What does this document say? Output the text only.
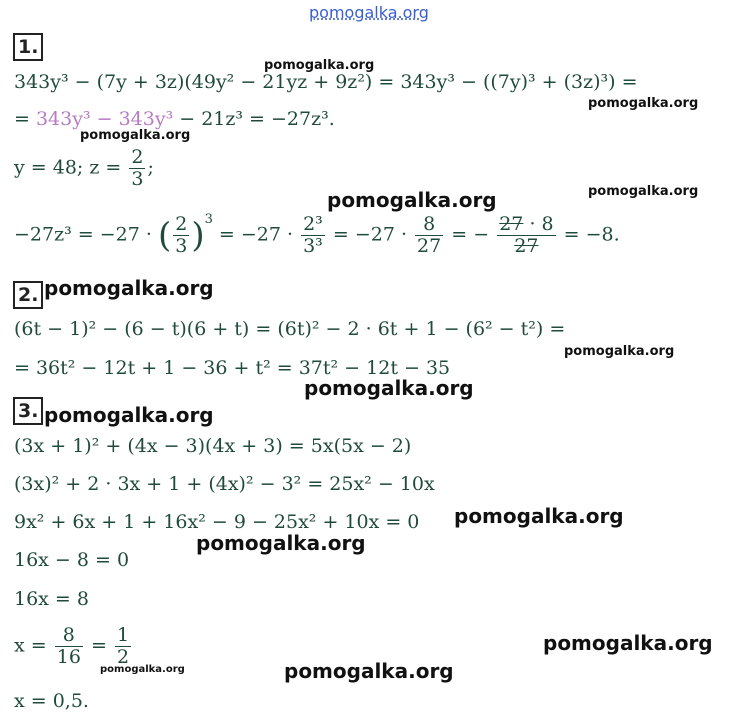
pomogalka.org
1.
343y³ − (7y + 3z)(49y² − 21yz + 9z²) = 343y³ − ((7y)³ + (3z)³) =
= 343y³ − 343y³ − 21z³ = −27z³.
y = 48; $z = \frac{2}{3}$ ;
−27z³ = −27 · ( $\frac{2}{3} )^3 = -27 \cdot \frac{\text{2³}}{\text{3³}} = -27 \cdot \frac{8}{27}$ = − $\frac{27 \cdot 8}{27} = -8$.
2.
(6t − 1)² − (6 − t)(6 + t) = (6t)² − 2 · 6t + 1 − (6² − t²) =
= 36t² − 12t + 1 − 36 + t² = 37t² − 12t − 35
3.
(3x + 1)² + (4x − 3)(4x + 3) = 5x(5x − 2)
(3x)² + 2 · 3x + 1 + (4x)² − 3² = 25x² − 10x
9x² + 6x + 1 + 16x² − 9 − 25x² + 10x = 0
16x − 8 = 0
16x = 8
$x = \frac{8}{16} = \frac{1}{2}$
x = 0,5.
pomogalka.org
pomogalka.org
pomogalka.org
pomogalka.org	pomogalka.org
pomogalka.org
pomogalka.org
pomogalka.org
pomogalka.org
pomogalka.org
pomogalka.org
pomogalka.org
pomogalka.org	pomogalka.org
